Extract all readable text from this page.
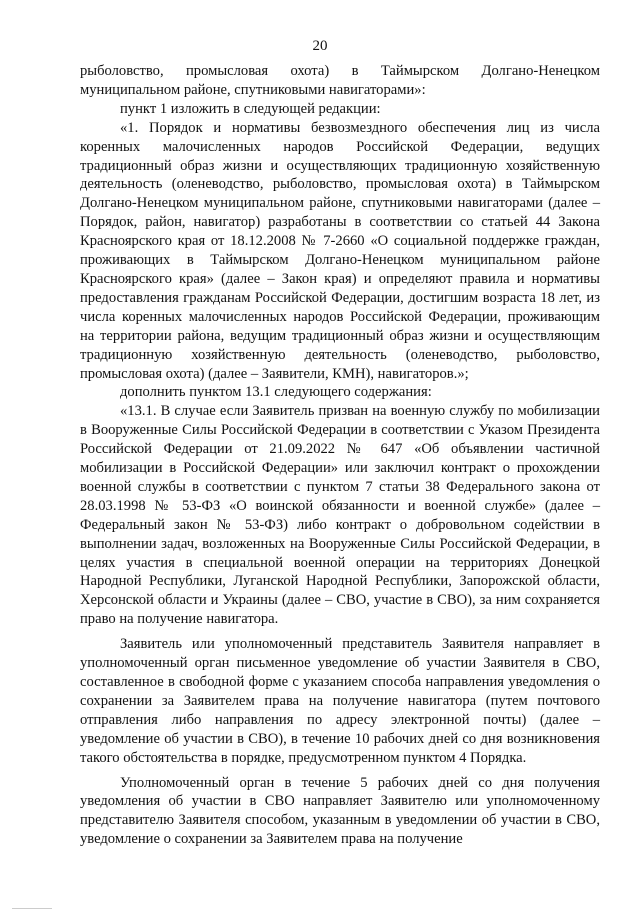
20

рыболовство, промысловая охота) в Таймырском Долгано-Ненецком муниципальном районе, спутниковыми навигаторами»:

пункт 1 изложить в следующей редакции:

«1. Порядок и нормативы безвозмездного обеспечения лиц из числа коренных малочисленных народов Российской Федерации, ведущих традиционный образ жизни и осуществляющих традиционную хозяйственную деятельность (оленеводство, рыболовство, промысловая охота) в Таймырском Долгано-Ненецком муниципальном районе, спутниковыми навигаторами (далее – Порядок, район, навигатор) разработаны в соответствии со статьей 44 Закона Красноярского края от 18.12.2008 № 7-2660 «О социальной поддержке граждан, проживающих в Таймырском Долгано-Ненецком муниципальном районе Красноярского края» (далее – Закон края) и определяют правила и нормативы предоставления гражданам Российской Федерации, достигшим возраста 18 лет, из числа коренных малочисленных народов Российской Федерации, проживающим на территории района, ведущим традиционный образ жизни и осуществляющим традиционную хозяйственную деятельность (оленеводство, рыболовство, промысловая охота) (далее – Заявители, КМН), навигаторов.»;

дополнить пунктом 13.1 следующего содержания:

«13.1. В случае если Заявитель призван на военную службу по мобилизации в Вооруженные Силы Российской Федерации в соответствии с Указом Президента Российской Федерации от 21.09.2022 № 647 «Об объявлении частичной мобилизации в Российской Федерации» или заключил контракт о прохождении военной службы в соответствии с пунктом 7 статьи 38 Федерального закона от 28.03.1998 № 53-ФЗ «О воинской обязанности и военной службе» (далее – Федеральный закон № 53-ФЗ) либо контракт о добровольном содействии в выполнении задач, возложенных на Вооруженные Силы Российской Федерации, в целях участия в специальной военной операции на территориях Донецкой Народной Республики, Луганской Народной Республики, Запорожской области, Херсонской области и Украины (далее – СВО, участие в СВО), за ним сохраняется право на получение навигатора.

Заявитель или уполномоченный представитель Заявителя направляет в уполномоченный орган письменное уведомление об участии Заявителя в СВО, составленное в свободной форме с указанием способа направления уведомления о сохранении за Заявителем права на получение навигатора (путем почтового отправления либо направления по адресу электронной почты) (далее – уведомление об участии в СВО), в течение 10 рабочих дней со дня возникновения такого обстоятельства в порядке, предусмотренном пунктом 4 Порядка.

Уполномоченный орган в течение 5 рабочих дней со дня получения уведомления об участии в СВО направляет Заявителю или уполномоченному представителю Заявителя способом, указанным в уведомлении об участии в СВО, уведомление о сохранении за Заявителем права на получение
